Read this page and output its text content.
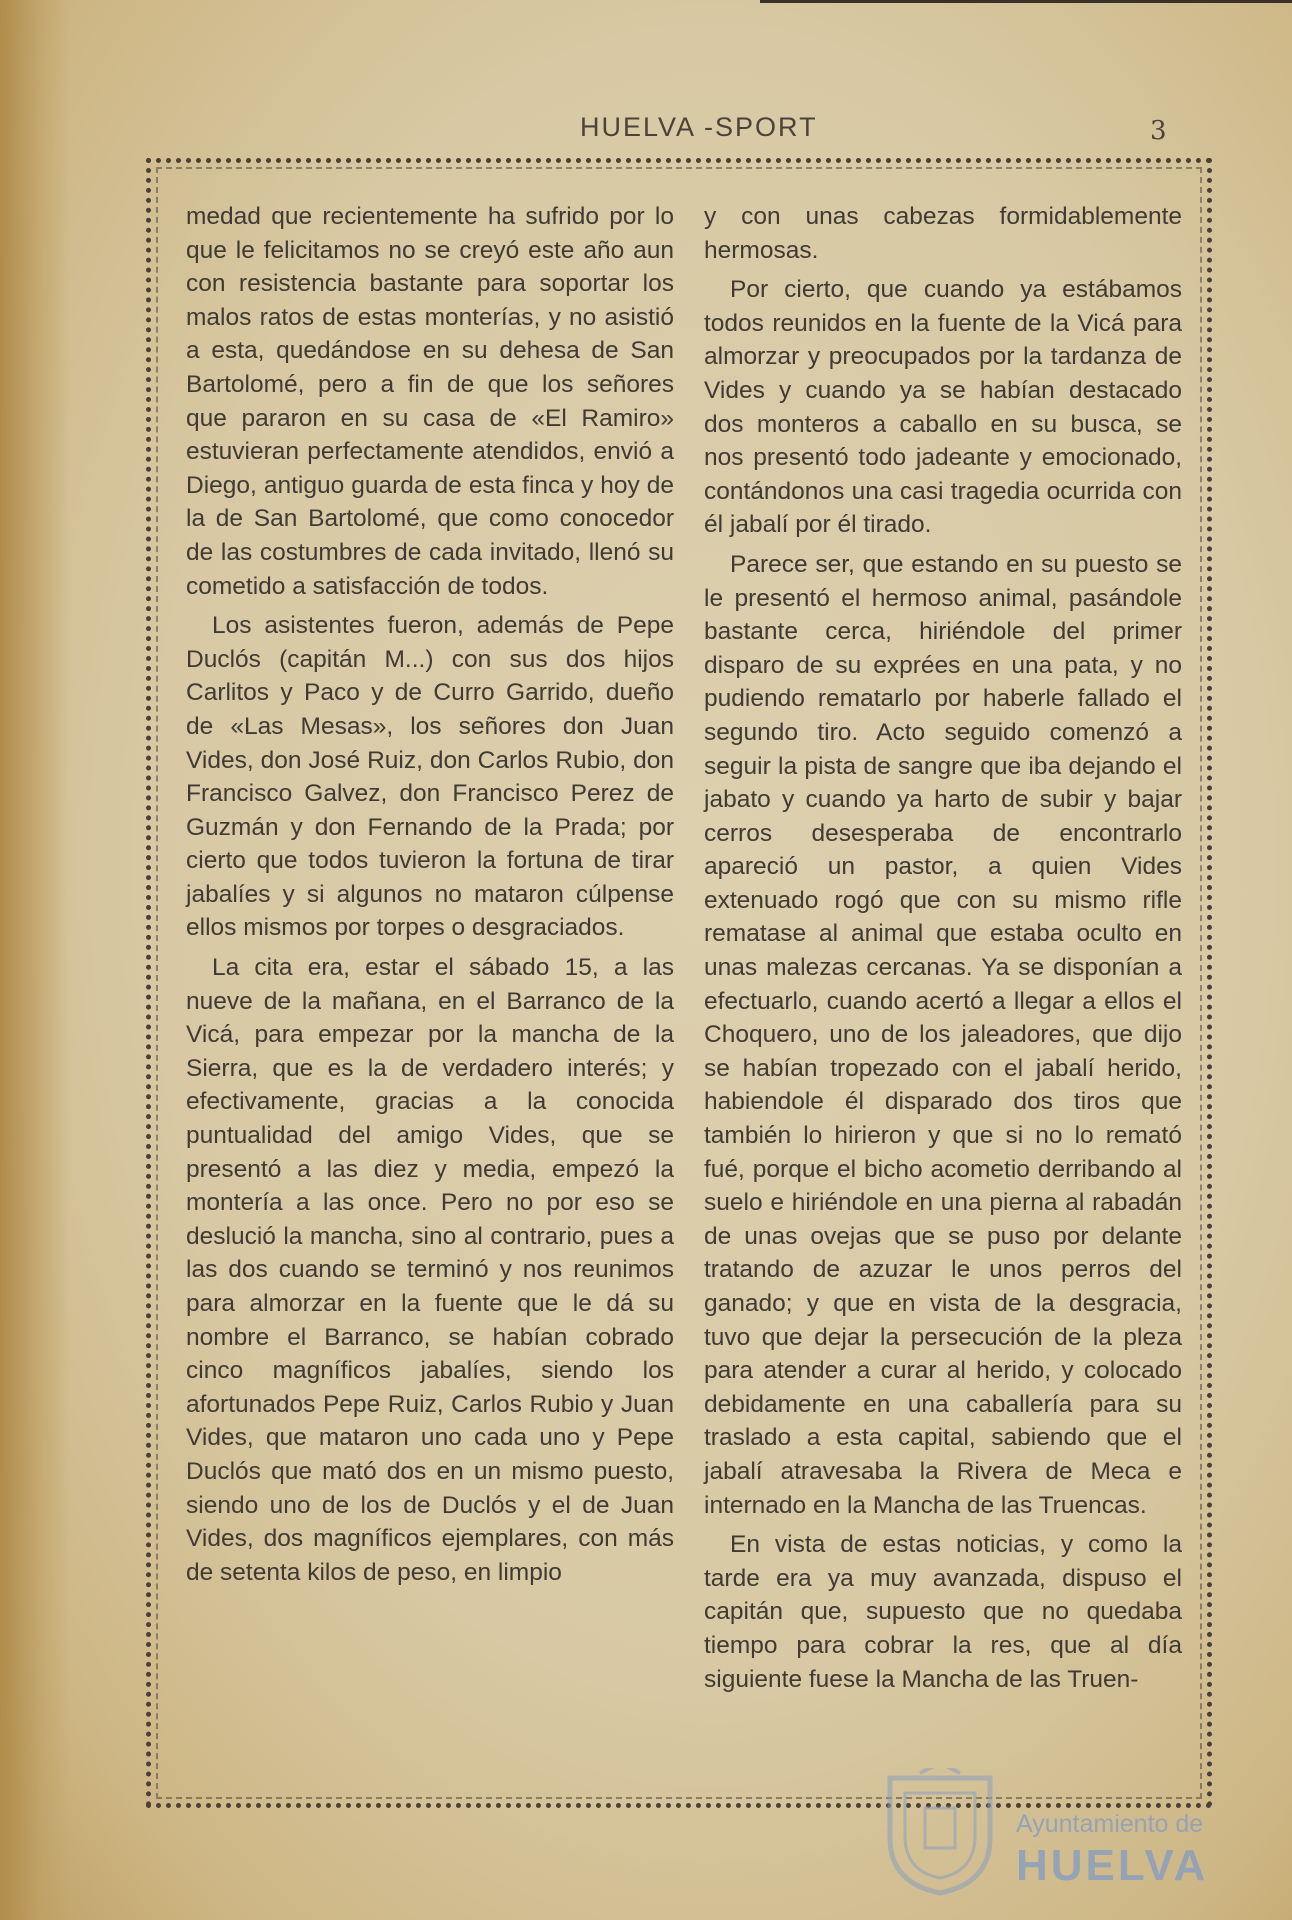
HUELVA -SPORT	3

medad que recientemente ha sufrido por lo que le felicitamos no se creyó este año aun con resistencia bastante para soportar los malos ratos de estas monterías, y no asistió a esta, quedándose en su dehesa de San Bartolomé, pero a fin de que los señores que pararon en su casa de «El Ramiro» estuvieran perfectamente atendidos, envió a Diego, antiguo guarda de esta finca y hoy de la de San Bartolomé, que como conocedor de las costumbres de cada invitado, llenó su cometido a satisfacción de todos.

Los asistentes fueron, además de Pepe Duclós (capitán M...) con sus dos hijos Carlitos y Paco y de Curro Garrido, dueño de «Las Mesas», los señores don Juan Vides, don José Ruiz, don Carlos Rubio, don Francisco Galvez, don Francisco Perez de Guzmán y don Fernando de la Prada; por cierto que todos tuvieron la fortuna de tirar jabalíes y si algunos no mataron cúlpense ellos mismos por torpes o desgraciados.

La cita era, estar el sábado 15, a las nueve de la mañana, en el Barranco de la Vicá, para empezar por la mancha de la Sierra, que es la de verdadero interés; y efectivamente, gracias a la conocida puntualidad del amigo Vides, que se presentó a las diez y media, empezó la montería a las once. Pero no por eso se deslució la mancha, sino al contrario, pues a las dos cuando se terminó y nos reunimos para almorzar en la fuente que le dá su nombre el Barranco, se habían cobrado cinco magníficos jabalíes, siendo los afortunados Pepe Ruiz, Carlos Rubio y Juan Vides, que mataron uno cada uno y Pepe Duclós que mató dos en un mismo puesto, siendo uno de los de Duclós y el de Juan Vides, dos magníficos ejemplares, con más de setenta kilos de peso, en limpio

y con unas cabezas formidablemente hermosas.

Por cierto, que cuando ya estábamos todos reunidos en la fuente de la Vicá para almorzar y preocupados por la tardanza de Vides y cuando ya se habían destacado dos monteros a caballo en su busca, se nos presentó todo jadeante y emocionado, contándonos una casi tragedia ocurrida con él jabalí por él tirado.

Parece ser, que estando en su puesto se le presentó el hermoso animal, pasándole bastante cerca, hiriéndole del primer disparo de su exprées en una pata, y no pudiendo rematarlo por haberle fallado el segundo tiro. Acto seguido comenzó a seguir la pista de sangre que iba dejando el jabato y cuando ya harto de subir y bajar cerros desesperaba de encontrarlo apareció un pastor, a quien Vides extenuado rogó que con su mismo rifle rematase al animal que estaba oculto en unas malezas cercanas. Ya se disponían a efectuarlo, cuando acertó a llegar a ellos el Choquero, uno de los jaleadores, que dijo se habían tropezado con el jabalí herido, habiendole él disparado dos tiros que también lo hirieron y que si no lo remató fué, porque el bicho acometio derribando al suelo e hiriéndole en una pierna al rabadán de unas ovejas que se puso por delante tratando de azuzar le unos perros del ganado; y que en vista de la desgracia, tuvo que dejar la persecución de la pleza para atender a curar al herido, y colocado debidamente en una caballería para su traslado a esta capital, sabiendo que el jabalí atravesaba la Rivera de Meca e internado en la Mancha de las Truencas.

En vista de estas noticias, y como la tarde era ya muy avanzada, dispuso el capitán que, supuesto que no quedaba tiempo para cobrar la res, que al día siguiente fuese la Mancha de las Truen-

Ayuntamiento de
HUELVA
